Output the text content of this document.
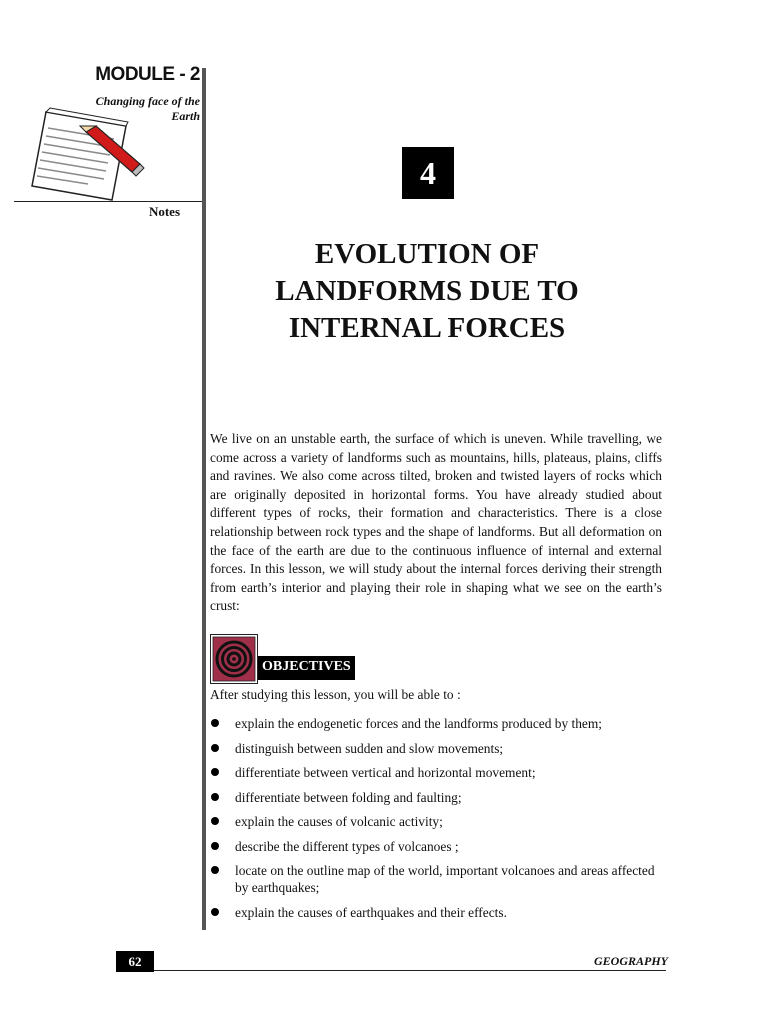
MODULE - 2
Changing face of the
Earth
Notes
4
EVOLUTION OF
LANDFORMS DUE TO
INTERNAL FORCES

We live on an unstable earth, the surface of which is uneven. While travelling, we come across a variety of landforms such as mountains, hills, plateaus, plains, cliffs and ravines. We also come across tilted, broken and twisted layers of rocks which are originally deposited in horizontal forms. You have already studied about different types of rocks, their formation and characteristics. There is a close relationship between rock types and the shape of landforms. But all deformation on the face of the earth are due to the continuous influence of internal and external forces. In this lesson, we will study about the internal forces deriving their strength from earth’s interior and playing their role in shaping what we see on the earth’s crust:

OBJECTIVES
After studying this lesson, you will be able to :
explain the endogenetic forces and the landforms produced by them;
distinguish between sudden and slow movements;
differentiate between vertical and horizontal movement;
differentiate between folding and faulting;
explain the causes of volcanic activity;
describe the different types of volcanoes ;
locate on the outline map of the world, important volcanoes and areas affected by earthquakes;
explain the causes of earthquakes and their effects.
62	GEOGRAPHY
